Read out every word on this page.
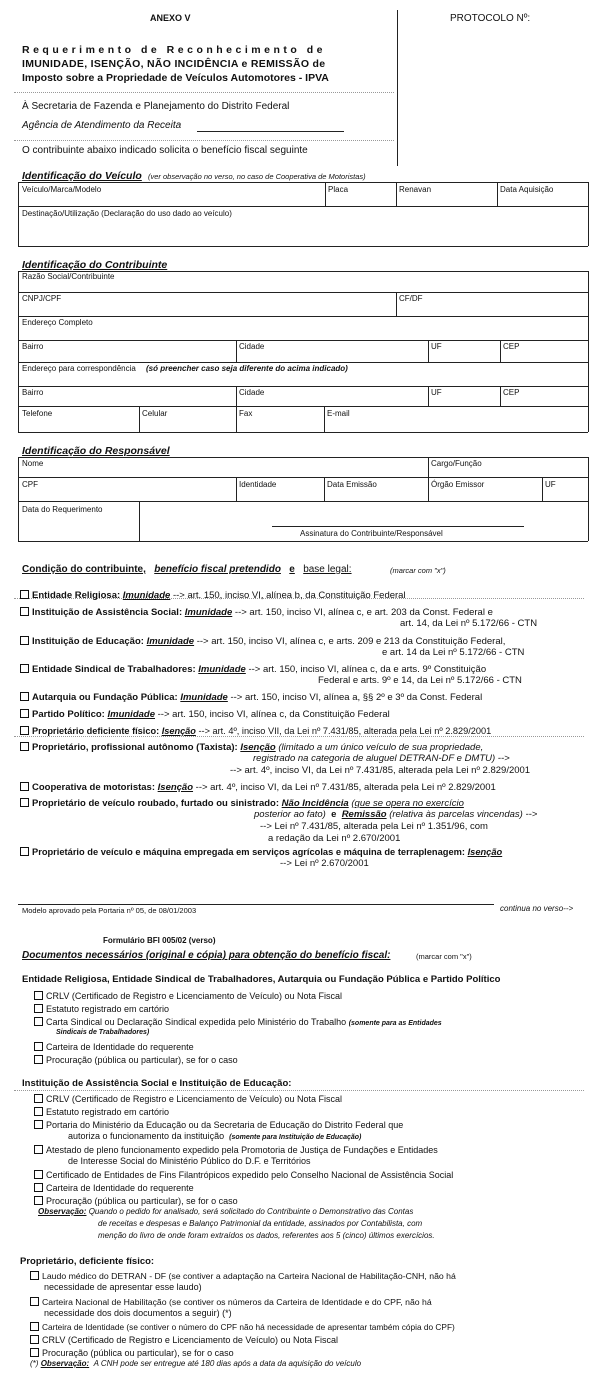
ANEXO V	PROTOCOLO Nº:
Requerimento de Reconhecimento de
IMUNIDADE, ISENÇÃO, NÃO INCIDÊNCIA e REMISSÃO de
Imposto sobre a Propriedade de Veículos Automotores - IPVA
À Secretaria de Fazenda e Planejamento do Distrito Federal
Agência de Atendimento da Receita
O contribuinte abaixo indicado solicita o benefício fiscal seguinte
Identificação do Veículo (ver observação no verso, no caso de Cooperativa de Motoristas)
Veículo/Marca/Modelo	Placa	Renavan	Data Aquisição
Destinação/Utilização (Declaração do uso dado ao veículo)
Identificação do Contribuinte
Razão Social/Contribuinte
CNPJ/CPF	CF/DF
Endereço Completo
Bairro	Cidade	UF	CEP
Endereço para correspondência (só preencher caso seja diferente do acima indicado)
Bairro	Cidade	UF	CEP
Telefone	Celular	Fax	E-mail
Identificação do Responsável
Nome	Cargo/Função
CPF	Identidade	Data Emissão	Órgão Emissor	UF
Data do Requerimento
Assinatura do Contribuinte/Responsável
Condição do contribuinte, benefício fiscal pretendido e base legal:	(marcar com "x")
Entidade Religiosa: Imunidade --> art. 150, inciso VI, alínea b, da Constituição Federal
Instituição de Assistência Social: Imunidade --> art. 150, inciso VI, alínea c, e art. 203 da Const. Federal e
art. 14, da Lei nº 5.172/66 - CTN
Instituição de Educação: Imunidade --> art. 150, inciso VI, alínea c, e arts. 209 e 213 da Constituição Federal,
e art. 14 da Lei nº 5.172/66 - CTN
Entidade Sindical de Trabalhadores: Imunidade --> art. 150, inciso VI, alínea c, da e arts. 9º Constituição
Federal e arts. 9º e 14, da Lei nº 5.172/66 - CTN
Autarquia ou Fundação Pública: Imunidade --> art. 150, inciso VI, alínea a, §§ 2º e 3º da Const. Federal
Partido Político: Imunidade --> art. 150, inciso VI, alínea c, da Constituição Federal
Proprietário deficiente físico: Isenção --> art. 4º, inciso VII, da Lei nº 7.431/85, alterada pela Lei nº 2.829/2001
Proprietário, profissional autônomo (Taxista): Isenção (limitado a um único veículo de sua propriedade,
registrado na categoria de aluguel DETRAN-DF e DMTU) -->
--> art. 4º, inciso VI, da Lei nº 7.431/85, alterada pela Lei nº 2.829/2001
Cooperativa de motoristas: Isenção --> art. 4º, inciso VI, da Lei nº 7.431/85, alterada pela Lei nº 2.829/2001
Proprietário de veículo roubado, furtado ou sinistrado: Não Incidência (que se opera no exercício
posterior ao fato) e Remissão (relativa às parcelas vincendas) -->
--> Lei nº 7.431/85, alterada pela Lei nº 1.351/96, com
a redação da Lei nº 2.670/2001
Proprietário de veículo e máquina empregada em serviços agrícolas e máquina de terraplenagem: Isenção
--> Lei nº 2.670/2001
Modelo aprovado pela Portaria nº 05, de 08/01/2003	continua no verso-->
Formulário BFI 005/02 (verso)
Documentos necessários (original e cópia) para obtenção do benefício fiscal:	(marcar com "x")
Entidade Religiosa, Entidade Sindical de Trabalhadores, Autarquia ou Fundação Pública e Partido Político
CRLV (Certificado de Registro e Licenciamento de Veículo) ou Nota Fiscal
Estatuto registrado em cartório
Carta Sindical ou Declaração Sindical expedida pelo Ministério do Trabalho (somente para as Entidades
Sindicais de Trabalhadores)
Carteira de Identidade do requerente
Procuração (pública ou particular), se for o caso
Instituição de Assistência Social e Instituição de Educação:
CRLV (Certificado de Registro e Licenciamento de Veículo) ou Nota Fiscal
Estatuto registrado em cartório
Portaria do Ministério da Educação ou da Secretaria de Educação do Distrito Federal que
autoriza o funcionamento da instituição (somente para Instituição de Educação)
Atestado de pleno funcionamento expedido pela Promotoria de Justiça de Fundações e Entidades
de Interesse Social do Ministério Público do D.F. e Territórios
Certificado de Entidades de Fins Filantrópicos expedido pelo Conselho Nacional de Assistência Social
Carteira de Identidade do requerente
Procuração (pública ou particular), se for o caso
Observação: Quando o pedido for analisado, será solicitado do Contribuinte o Demonstrativo das Contas
de receitas e despesas e Balanço Patrimonial da entidade, assinados por Contabilista, com
menção do livro de onde foram extraídos os dados, referentes aos 5 (cinco) últimos exercícios.
Proprietário, deficiente físico:
Laudo médico do DETRAN - DF (se contiver a adaptação na Carteira Nacional de Habilitação-CNH, não há
necessidade de apresentar esse laudo)
Carteira Nacional de Habilitação (se contiver os números da Carteira de Identidade e do CPF, não há
necessidade dos dois documentos a seguir) (*)
Carteira de Identidade (se contiver o número do CPF não há necessidade de apresentar também cópia do CPF)
CRLV (Certificado de Registro e Licenciamento de Veículo) ou Nota Fiscal
Procuração (pública ou particular), se for o caso
(*) Observação: A CNH pode ser entregue até 180 dias após a data da aquisição do veículo
